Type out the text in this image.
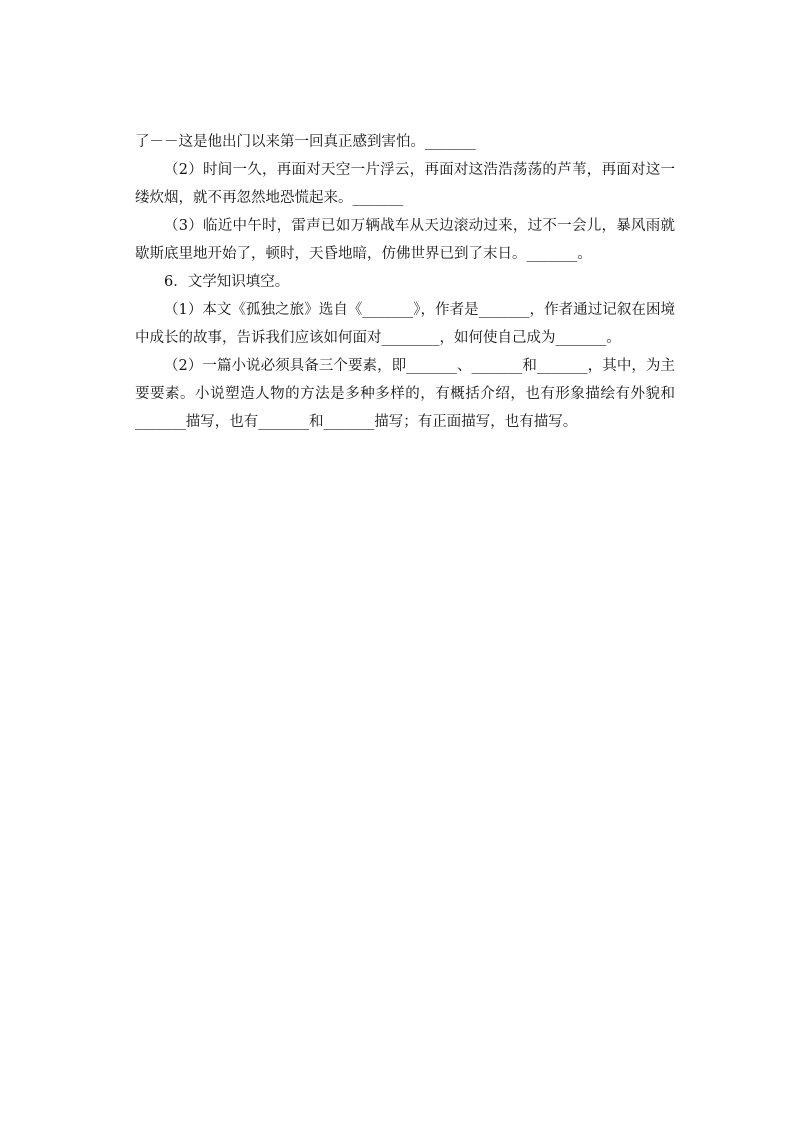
了－－这是他出门以来第一回真正感到害怕。_______

（2）时间一久，再面对天空一片浮云，再面对这浩浩荡荡的芦苇，再面对这一缕炊烟，就不再忽然地恐慌起来。_______

（3）临近中午时，雷声已如万辆战车从天边滚动过来，过不一会儿，暴风雨就歇斯底里地开始了，顿时，天昏地暗，仿佛世界已到了末日。_______。

6．文学知识填空。

（1）本文《孤独之旅》选自《_______》，作者是_______，作者通过记叙在困境中成长的故事，告诉我们应该如何面对________，如何使自己成为_______。

（2）一篇小说必须具备三个要素，即_______、_______和_______，其中，为主要要素。小说塑造人物的方法是多种多样的，有概括介绍，也有形象描绘有外貌和_______描写，也有_______和_______描写；有正面描写，也有描写。
